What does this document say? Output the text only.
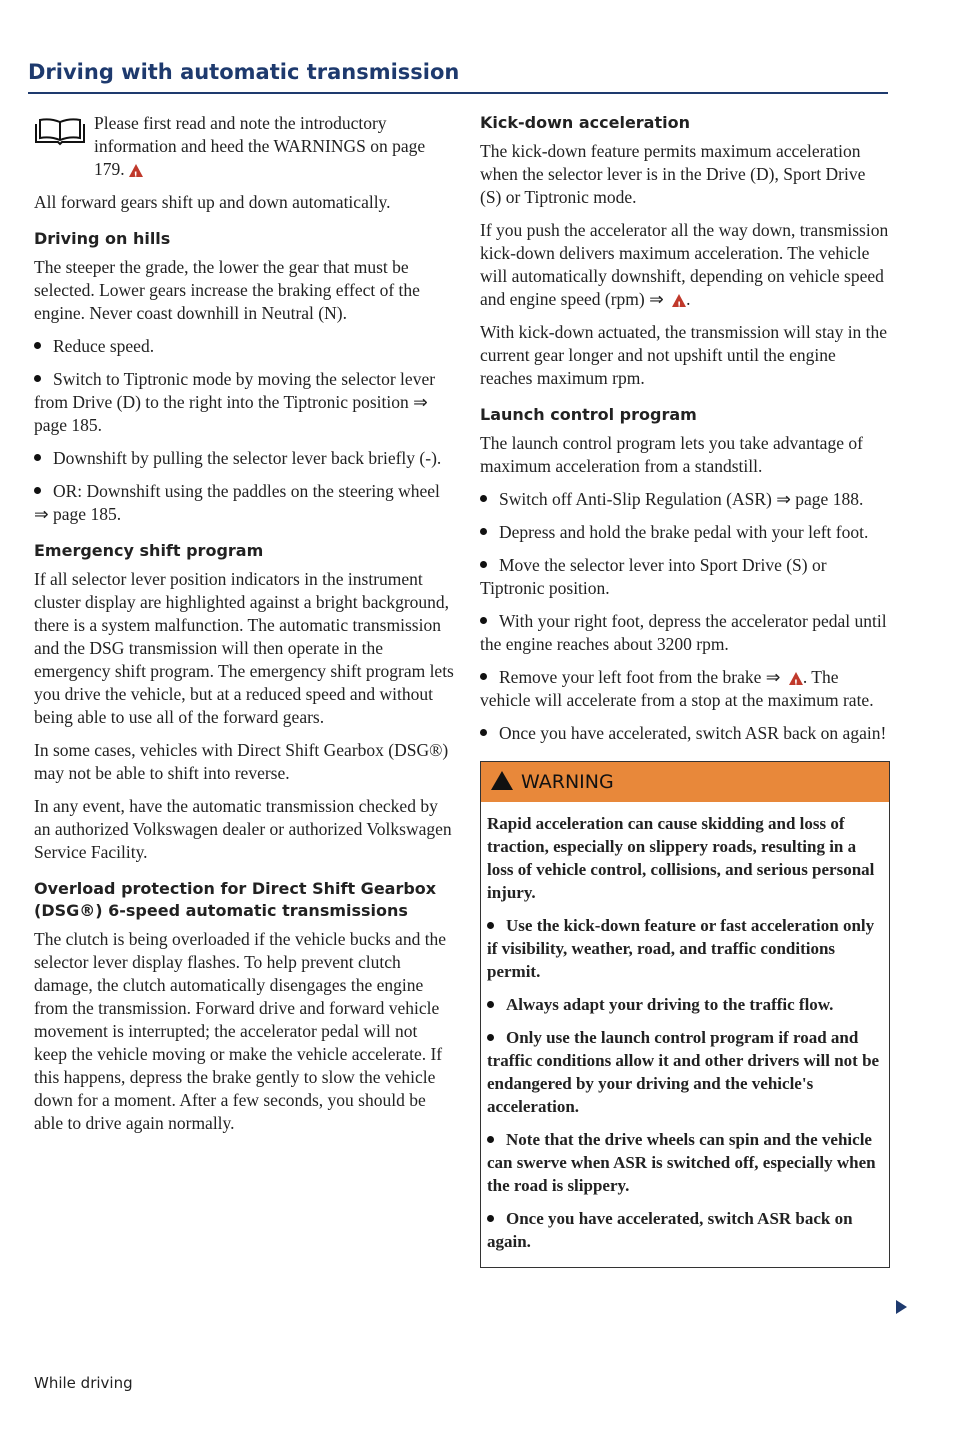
Driving with automatic transmission

Please first read and note the introductory information and heed the WARNINGS on page 179.!

All forward gears shift up and down automatically.

Driving on hills

The steeper the grade, the lower the gear that must be selected. Lower gears increase the braking effect of the engine. Never coast downhill in Neutral (N).

Reduce speed.
Switch to Tiptronic mode by moving the selector lever from Drive (D) to the right into the Tiptronic position ⇒ page 185.
Downshift by pulling the selector lever back briefly (-).
OR: Downshift using the paddles on the steering wheel ⇒ page 185.
Emergency shift program

If all selector lever position indicators in the instrument cluster display are highlighted against a bright background, there is a system malfunction. The automatic transmission and the DSG transmission will then operate in the emergency shift program. The emergency shift program lets you drive the vehicle, but at a reduced speed and without being able to use all of the forward gears.

In some cases, vehicles with Direct Shift Gearbox (DSG®) may not be able to shift into reverse.

In any event, have the automatic transmission checked by an authorized Volkswagen dealer or authorized Volkswagen Service Facility.

Overload protection for Direct Shift Gearbox (DSG®) 6-speed automatic transmissions

The clutch is being overloaded if the vehicle bucks and the selector lever display flashes. To help prevent clutch damage, the clutch automatically disengages the engine from the transmission. Forward drive and forward vehicle movement is interrupted; the accelerator pedal will not keep the vehicle moving or make the vehicle accelerate. If this happens, depress the brake gently to slow the vehicle down for a moment. After a few seconds, you should be able to drive again normally.

Kick-down acceleration

The kick-down feature permits maximum acceleration when the selector lever is in the Drive (D), Sport Drive (S) or Tiptronic mode.

If you push the accelerator all the way down, transmission kick-down delivers maximum acceleration. The vehicle will automatically downshift, depending on vehicle speed and engine speed (rpm) ⇒ ! .

With kick-down actuated, the transmission will stay in the current gear longer and not upshift until the engine reaches maximum rpm.

Launch control program

The launch control program lets you take advantage of maximum acceleration from a standstill.

Switch off Anti-Slip Regulation (ASR) ⇒ page 188.
Depress and hold the brake pedal with your left foot.
Move the selector lever into Sport Drive (S) or Tiptronic position.
With your right foot, depress the accelerator pedal until the engine reaches about 3200 rpm.
Remove your left foot from the brake ⇒ ! . The vehicle will accelerate from a stop at the maximum rate.
Once you have accelerated, switch ASR back on again!
WARNING

Rapid acceleration can cause skidding and loss of traction, especially on slippery roads, resulting in a loss of vehicle control, collisions, and serious personal injury.

Use the kick-down feature or fast acceleration only if visibility, weather, road, and traffic conditions permit.
Always adapt your driving to the traffic flow.
Only use the launch control program if road and traffic conditions allow it and other drivers will not be endangered by your driving and the vehicle's acceleration.
Note that the drive wheels can spin and the vehicle can swerve when ASR is switched off, especially when the road is slippery.
Once you have accelerated, switch ASR back on again.
While driving
